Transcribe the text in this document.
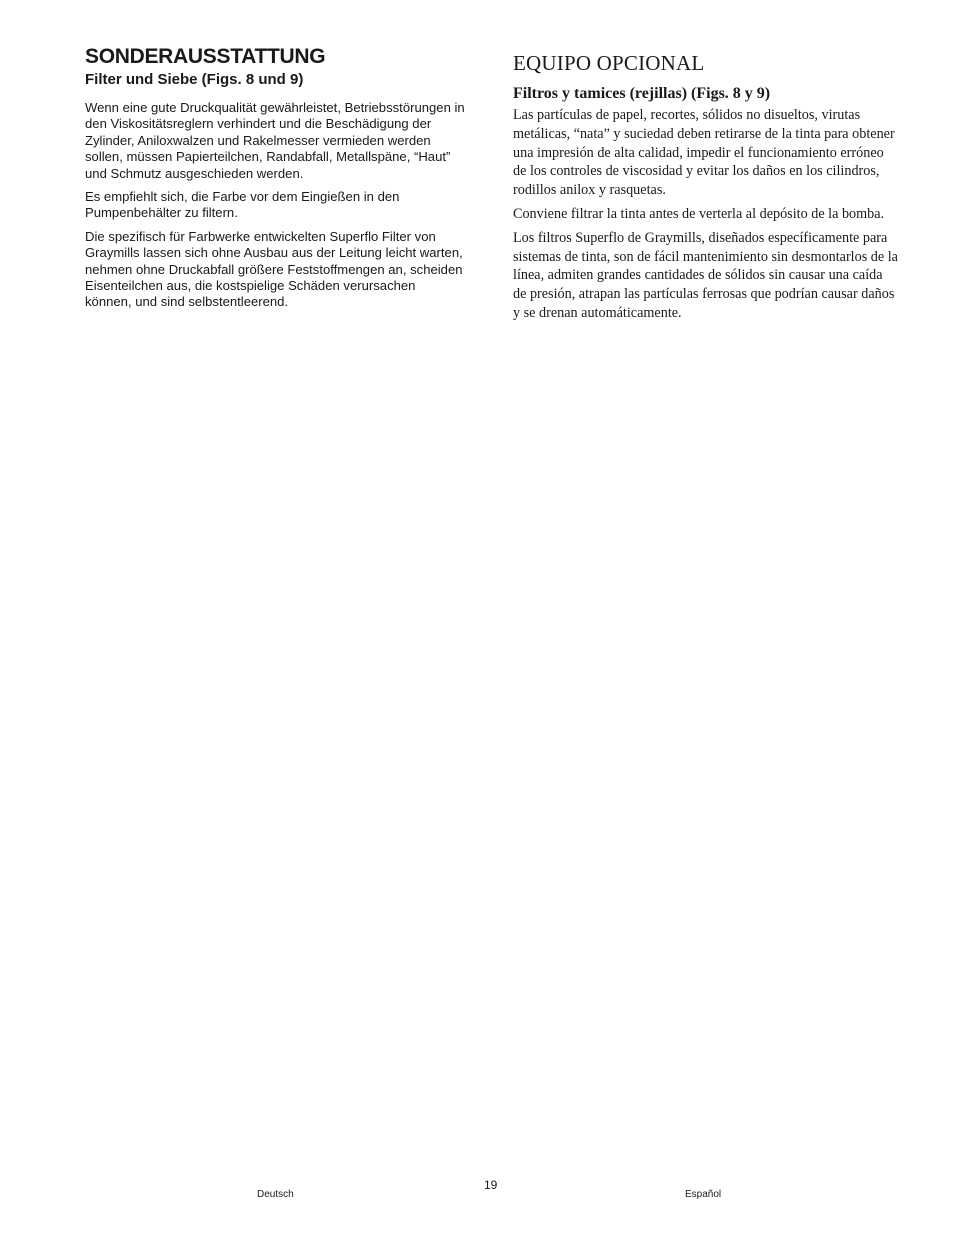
SONDERAUSSTATTUNG
Filter und Siebe (Figs. 8 und 9)

Wenn eine gute Druckqualität gewährleistet, Betriebsstörungen in den Viskositätsreglern verhindert und die Beschädigung der Zylinder, Aniloxwalzen und Rakelmesser vermieden werden sollen, müssen Papierteilchen, Randabfall, Metallspäne, “Haut” und Schmutz ausgeschieden werden.

Es empfiehlt sich, die Farbe vor dem Eingießen in den Pumpenbehälter zu filtern.

Die spezifisch für Farbwerke entwickelten Superflo Filter von Graymills lassen sich ohne Ausbau aus der Leitung leicht warten, nehmen ohne Druckabfall größere Feststoffmengen an, scheiden Eisenteilchen aus, die kostspielige Schäden verursachen können, und sind selbstentleerend.

EQUIPO OPCIONAL
Filtros y tamices (rejillas) (Figs. 8 y 9)

Las partículas de papel, recortes, sólidos no disueltos, virutas metálicas, “nata” y suciedad deben retirarse de la tinta para obtener una impresión de alta calidad, impedir el funcionamiento erróneo de los controles de viscosidad y evitar los daños en los cilindros, rodillos anilox y rasquetas.

Conviene filtrar la tinta antes de verterla al depósito de la bomba.

Los filtros Superflo de Graymills, diseñados específicamente para sistemas de tinta, son de fácil mantenimiento sin desmontarlos de la línea, admiten grandes cantidades de sólidos sin causar una caída de presión, atrapan las partículas ferrosas que podrían causar daños y se drenan automáticamente.

19
Deutsch	Español
